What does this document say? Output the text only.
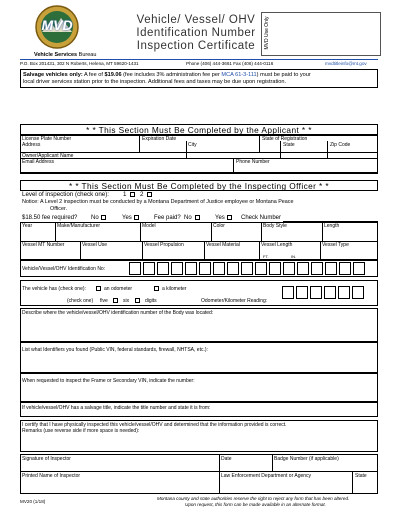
MVD	Vehicle/ Vessel/ OHV
Identification Number
Inspection Certificate	MVD Use Only
Vehicle Services Bureau
P.O. Box 201431, 302 N Roberts, Helena, MT 59620-1431	Phone (406) 444-3661 Fax (406) 444-0116	mvdtitleinfo@mt.gov
Salvage vehicles only: A fee of $19.06 (fee includes 3% administration fee per MCA 61-3-111) must be paid to your
local driver services station prior to the inspection. Additional fees and taxes may be due upon registration.
* * This Section Must Be Completed by the Applicant * *
License Plate Number	Expiration Date	State of Registration
Owner/Applicant Name
Address	City	State	Zip Code
Email Address	Phone Number
* * This Section Must Be Completed by the Inspecting Officer * *
Level of inspection (check one): 1 2
Notice: A Level 2 inspection must be conducted by a Montana Department of Justice employee or Montana Peace
Officer.
$18.50 fee required? No	Yes	Fee paid? No	Yes	Check Number
Year	Make/Manufacturer	Model	Color	Body Style	Length
Vessel MT Number	Vessel Use	Vessel Propulsion	Vessel Material	Vessel Length	Vessel Type
FT.	IN.
Vehicle/Vessel/OHV Identification No:
The vehicle has (check one):	an odometer	a kilometer
(check one) five	six	digits	Odometer/Kilometer Reading:
Describe where the vehicle/vessel/OHV identification number of the Body was located:
List what Identifiers you found (Public VIN, federal standards, firewall, NHTSA, etc.):
When requested to inspect the Frame or Secondary VIN, indicate the number:
If vehicle/vessel/OHV has a salvage title, indicate the title number and state it is from:
I certify that I have physically inspected this vehicle/vessel/OHV and determined that the information provided is correct.
Remarks (use reverse side if more space is needed):
Signature of Inspector	Date	Badge Number (if applicable)
Printed Name of Inspector	Law Enforcement Department or Agency	State
MV20 (1/18)
Montana county and state authorities reserve the right to reject any form that has been altered.
Upon request, this form can be made available in an alternate format.
